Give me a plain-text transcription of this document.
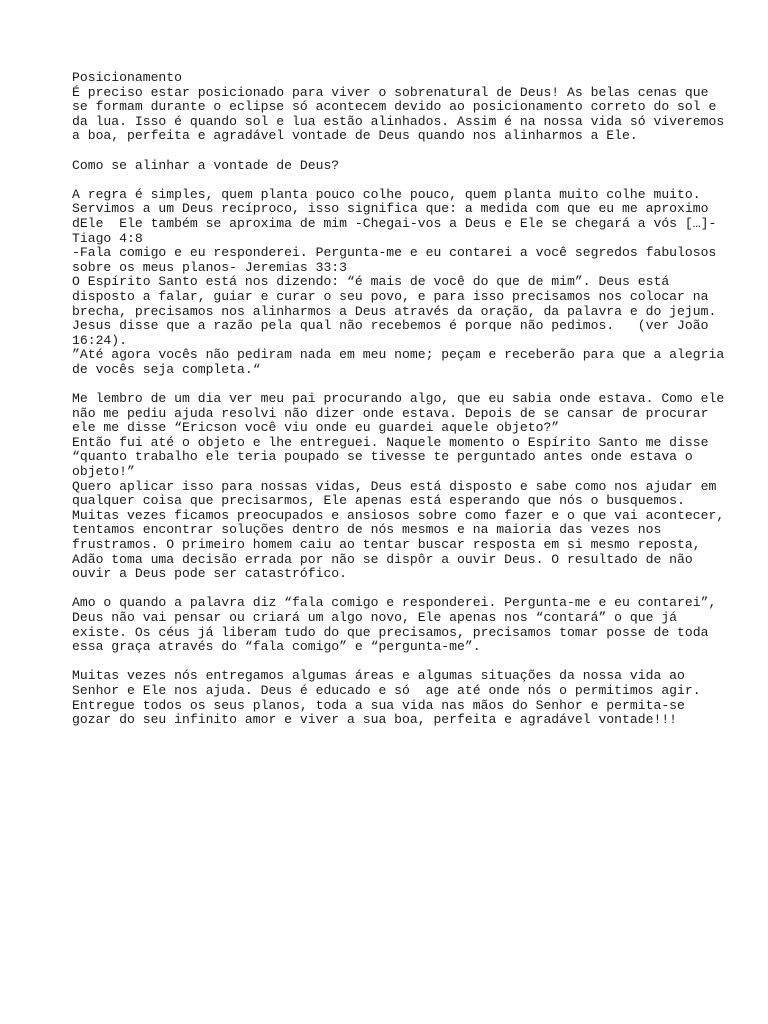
Posicionamento
É preciso estar posicionado para viver o sobrenatural de Deus! As belas cenas que
se formam durante o eclipse só acontecem devido ao posicionamento correto do sol e
da lua. Isso é quando sol e lua estão alinhados. Assim é na nossa vida só viveremos
a boa, perfeita e agradável vontade de Deus quando nos alinharmos a Ele.

Como se alinhar a vontade de Deus?

A regra é simples, quem planta pouco colhe pouco, quem planta muito colhe muito.
Servimos a um Deus recíproco, isso significa que: a medida com que eu me aproximo
dEle  Ele também se aproxima de mim -Chegai-vos a Deus e Ele se chegará a vós […]-
Tiago 4:8
-Fala comigo e eu responderei. Pergunta-me e eu contarei a você segredos fabulosos
sobre os meus planos- Jeremias 33:3
O Espírito Santo está nos dizendo: “é mais de você do que de mim”. Deus está
disposto a falar, guiar e curar o seu povo, e para isso precisamos nos colocar na
brecha, precisamos nos alinharmos a Deus através da oração, da palavra e do jejum.
Jesus disse que a razão pela qual não recebemos é porque não pedimos.   (ver João
16:24).
”Até agora vocês não pediram nada em meu nome; peçam e receberão para que a alegria
de vocês seja completa.“

Me lembro de um dia ver meu pai procurando algo, que eu sabia onde estava. Como ele
não me pediu ajuda resolvi não dizer onde estava. Depois de se cansar de procurar
ele me disse “Ericson você viu onde eu guardei aquele objeto?”
Então fui até o objeto e lhe entreguei. Naquele momento o Espírito Santo me disse
“quanto trabalho ele teria poupado se tivesse te perguntado antes onde estava o
objeto!”
Quero aplicar isso para nossas vidas, Deus está disposto e sabe como nos ajudar em
qualquer coisa que precisarmos, Ele apenas está esperando que nós o busquemos.
Muitas vezes ficamos preocupados e ansiosos sobre como fazer e o que vai acontecer,
tentamos encontrar soluções dentro de nós mesmos e na maioria das vezes nos
frustramos. O primeiro homem caiu ao tentar buscar resposta em si mesmo reposta,
Adão toma uma decisão errada por não se dispôr a ouvir Deus. O resultado de não
ouvir a Deus pode ser catastrófico.

Amo o quando a palavra diz “fala comigo e responderei. Pergunta-me e eu contarei”,
Deus não vai pensar ou criará um algo novo, Ele apenas nos “contará” o que já
existe. Os céus já liberam tudo do que precisamos, precisamos tomar posse de toda
essa graça através do “fala comigo” e “pergunta-me”.

Muitas vezes nós entregamos algumas áreas e algumas situações da nossa vida ao
Senhor e Ele nos ajuda. Deus é educado e só  age até onde nós o permitimos agir.
Entregue todos os seus planos, toda a sua vida nas mãos do Senhor e permita-se
gozar do seu infinito amor e viver a sua boa, perfeita e agradável vontade!!!
